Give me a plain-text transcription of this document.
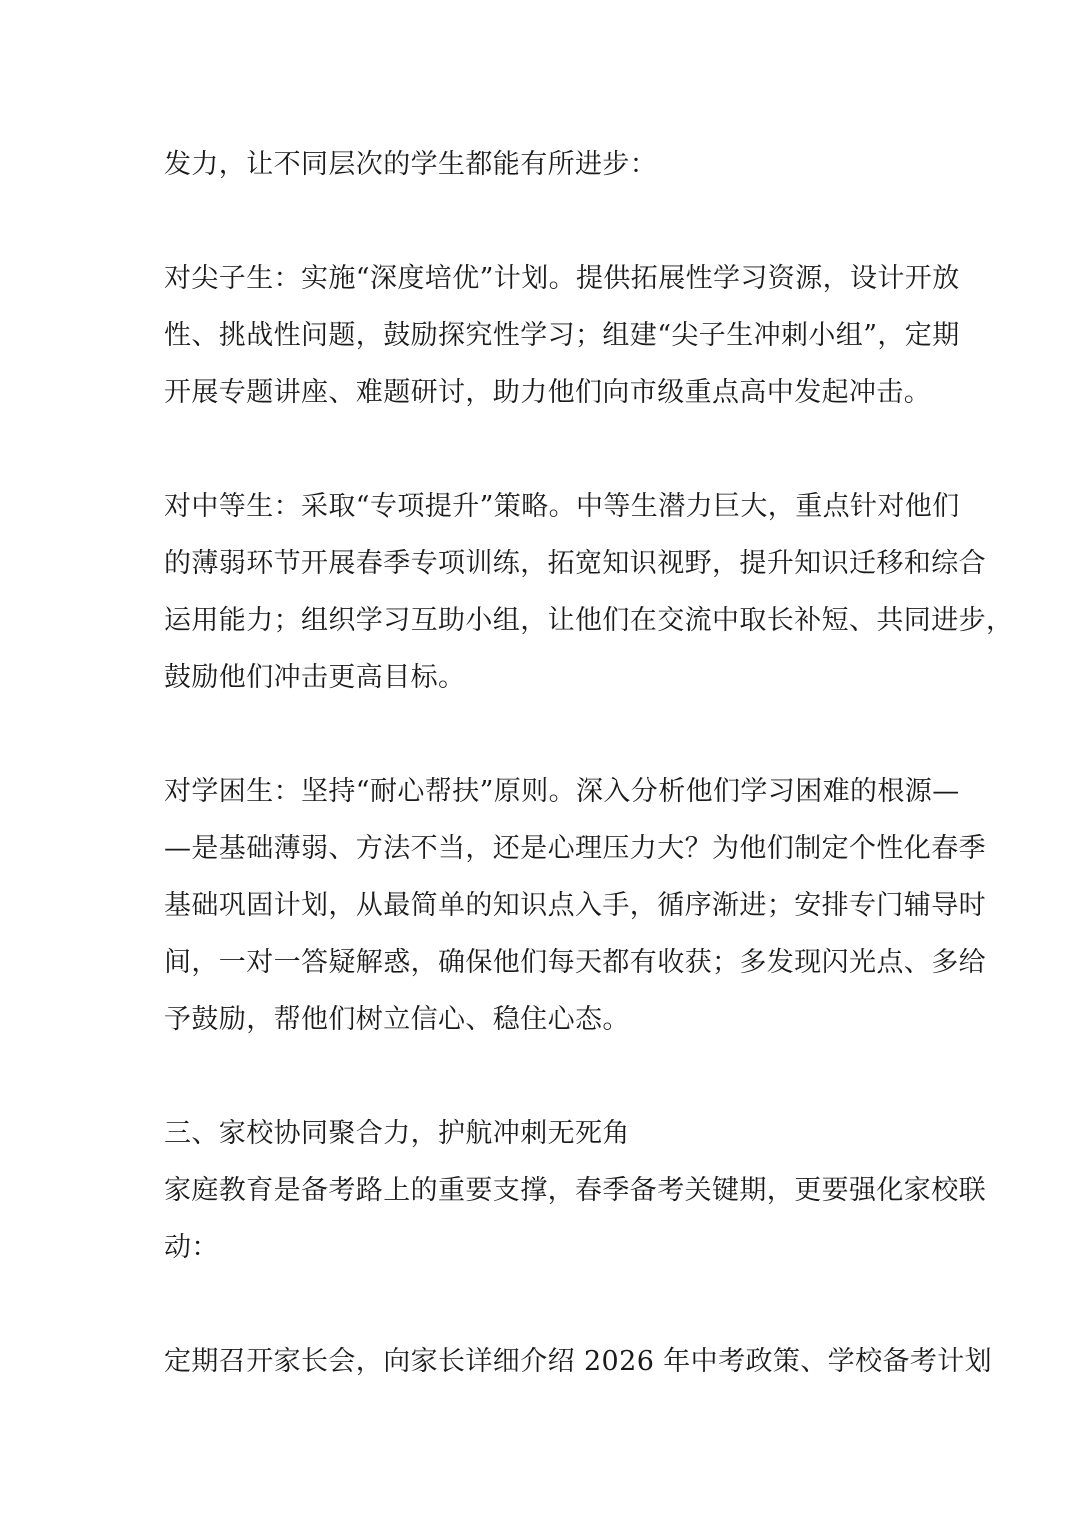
发力，让不同层次的学生都能有所进步：
对尖子生：实施“深度培优”计划。提供拓展性学习资源，设计开放
性、挑战性问题，鼓励探究性学习；组建“尖子生冲刺小组”，定期
开展专题讲座、难题研讨，助力他们向市级重点高中发起冲击。
对中等生：采取“专项提升”策略。中等生潜力巨大，重点针对他们
的薄弱环节开展春季专项训练，拓宽知识视野，提升知识迁移和综合
运用能力；组织学习互助小组，让他们在交流中取长补短、共同进步，
鼓励他们冲击更高目标。
对学困生：坚持“耐心帮扶”原则。深入分析他们学习困难的根源—
—是基础薄弱、方法不当，还是心理压力大？为他们制定个性化春季
基础巩固计划，从最简单的知识点入手，循序渐进；安排专门辅导时
间，一对一答疑解惑，确保他们每天都有收获；多发现闪光点、多给
予鼓励，帮他们树立信心、稳住心态。
三、家校协同聚合力，护航冲刺无死角
家庭教育是备考路上的重要支撑，春季备考关键期，更要强化家校联
动：
定期召开家长会，向家长详细介绍 2026 年中考政策、学校备考计划
